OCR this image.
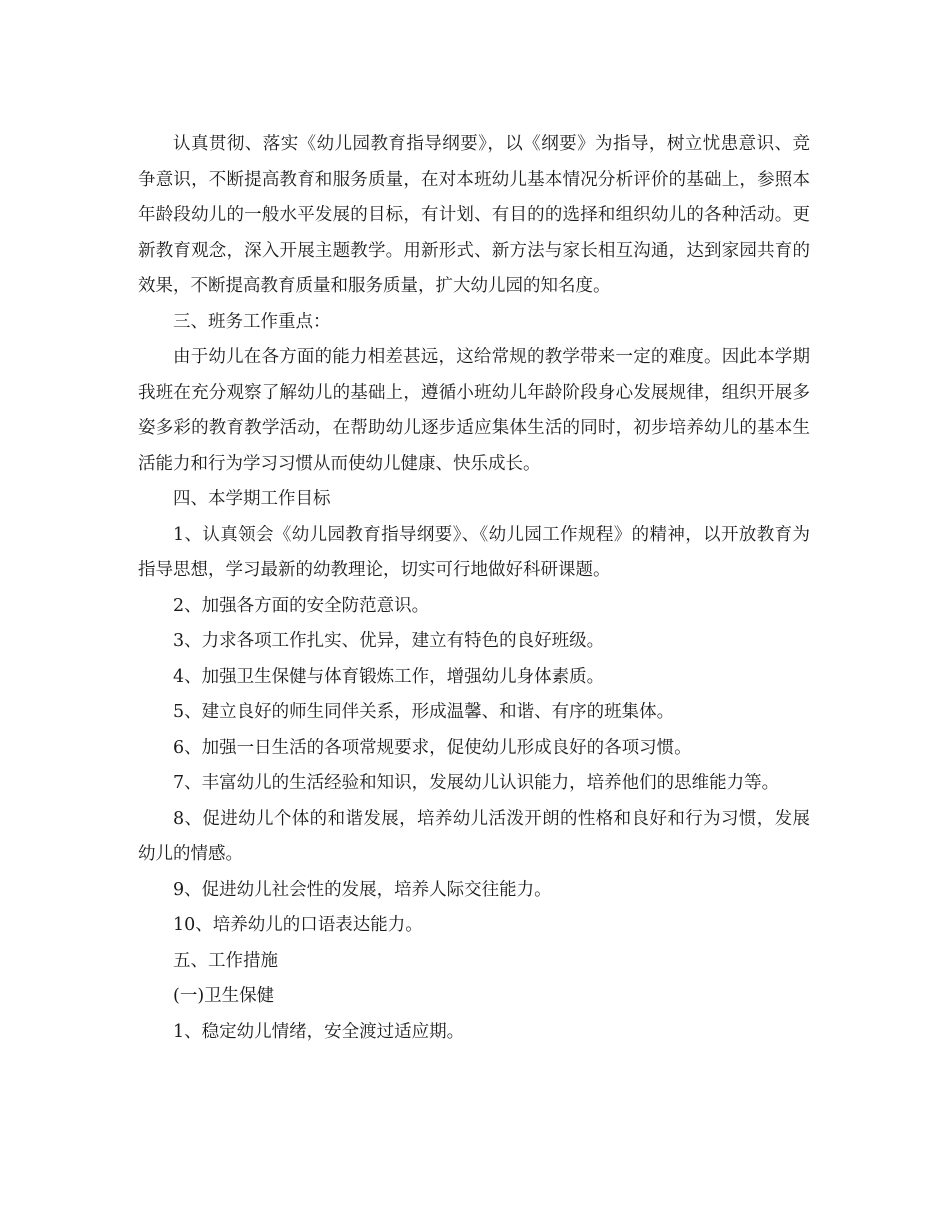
认真贯彻、落实《幼儿园教育指导纲要》，以《纲要》为指导，树立忧患意识、竞争意识，不断提高教育和服务质量，在对本班幼儿基本情况分析评价的基础上，参照本年龄段幼儿的一般水平发展的目标，有计划、有目的的选择和组织幼儿的各种活动。更新教育观念，深入开展主题教学。用新形式、新方法与家长相互沟通，达到家园共育的效果，不断提高教育质量和服务质量，扩大幼儿园的知名度。

三、班务工作重点：

由于幼儿在各方面的能力相差甚远，这给常规的教学带来一定的难度。因此本学期我班在充分观察了解幼儿的基础上，遵循小班幼儿年龄阶段身心发展规律，组织开展多姿多彩的教育教学活动，在帮助幼儿逐步适应集体生活的同时，初步培养幼儿的基本生活能力和行为学习习惯从而使幼儿健康、快乐成长。

四、本学期工作目标

1、认真领会《幼儿园教育指导纲要》、《幼儿园工作规程》的精神，以开放教育为指导思想，学习最新的幼教理论，切实可行地做好科研课题。

2、加强各方面的安全防范意识。

3、力求各项工作扎实、优异，建立有特色的良好班级。

4、加强卫生保健与体育锻炼工作，增强幼儿身体素质。

5、建立良好的师生同伴关系，形成温馨、和谐、有序的班集体。

6、加强一日生活的各项常规要求，促使幼儿形成良好的各项习惯。

7、丰富幼儿的生活经验和知识，发展幼儿认识能力，培养他们的思维能力等。

8、促进幼儿个体的和谐发展，培养幼儿活泼开朗的性格和良好和行为习惯，发展幼儿的情感。

9、促进幼儿社会性的发展，培养人际交往能力。

10、培养幼儿的口语表达能力。

五、工作措施

(一)卫生保健

1、稳定幼儿情绪，安全渡过适应期。
